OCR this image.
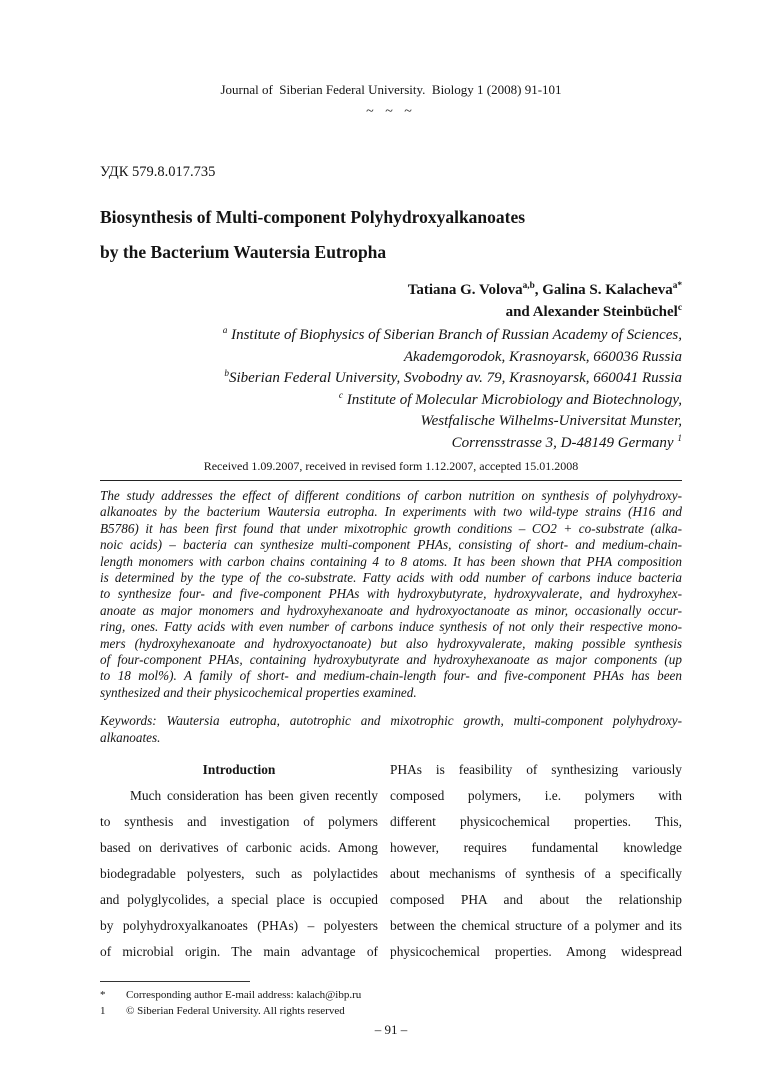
Journal of  Siberian Federal University.  Biology 1 (2008) 91-101
~ ~ ~
УДК 579.8.017.735
Biosynthesis of Multi-component Polyhydroxyalkanoates
by the Bacterium Wautersia Eutropha
Tatiana G. Volova$^{a,b}$, Galina S. Kalacheva$^{a*}$
and Alexander Steinbüchel$^c$
$^a$ Institute of Biophysics of Siberian Branch of Russian Academy of Sciences,
Akademgorodok, Krasnoyarsk, 660036 Russia
$^b$Siberian Federal University, Svobodny av. 79, Krasnoyarsk, 660041 Russia
$^c$ Institute of Molecular Microbiology and Biotechnology,
Westfalische Wilhelms-Universitat Munster,
Corrensstrasse 3, D-48149 Germany $^1$
Received 1.09.2007, received in revised form 1.12.2007, accepted 15.01.2008
The study addresses the effect of different conditions of carbon nutrition on synthesis of polyhydroxy-
alkanoates by the bacterium Wautersia eutropha. In experiments with two wild-type strains (H16 and
B5786) it has been first found that under mixotrophic growth conditions – CO2 + co-substrate (alka-
noic acids) – bacteria can synthesize multi-component PHAs, consisting of short- and medium-chain-
length monomers with carbon chains containing 4 to 8 atoms. It has been shown that PHA composition
is determined by the type of the co-substrate. Fatty acids with odd number of carbons induce bacteria
to synthesize four- and five-component PHAs with hydroxybutyrate, hydroxyvalerate, and hydroxyhex-
anoate as major monomers and hydroxyhexanoate and hydroxyoctanoate as minor, occasionally occur-
ring, ones. Fatty acids with even number of carbons induce synthesis of not only their respective mono-
mers (hydroxyhexanoate and hydroxyoctanoate) but also hydroxyvalerate, making possible synthesis
of four-component PHAs, containing hydroxybutyrate and hydroxyhexanoate as major components (up
to 18 mol%). A family of short- and medium-chain-length four- and five-component PHAs has been
synthesized and their physicochemical properties examined.
Keywords: Wautersia eutropha, autotrophic and mixotrophic growth, multi-component polyhydroxy-
alkanoates.
Introduction
Much consideration has been given recently
to synthesis and investigation of polymers
based on derivatives of carbonic acids. Among
biodegradable polyesters, such as polylactides
and polyglycolides, a special place is occupied
by polyhydroxyalkanoates (PHAs) – polyesters
of microbial origin. The main advantage of
PHAs is feasibility of synthesizing variously
composed polymers, i.e. polymers with
different physicochemical properties. This,
however, requires fundamental knowledge
about mechanisms of synthesis of a specifically
composed PHA and about the relationship
between the chemical structure of a polymer and its
physicochemical properties. Among widespread
*	Corresponding author E-mail address: kalach@ibp.ru
1	© Siberian Federal University. All rights reserved
– 91 –
